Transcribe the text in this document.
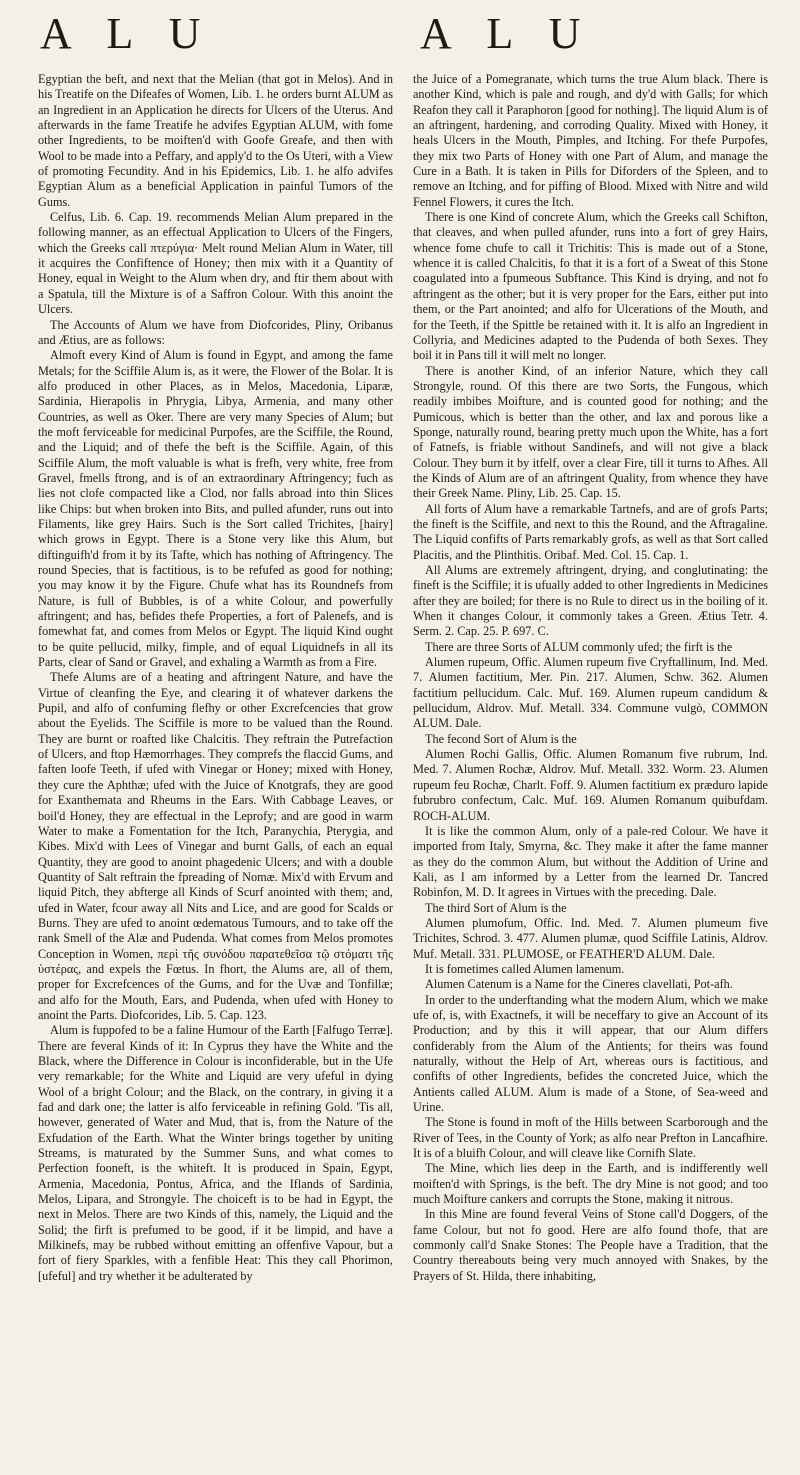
A L U	A L U

Egyptian the beft, and next that the Melian (that got in Melos). And in his Treatife on the Difeafes of Women, Lib. 1. he orders burnt ALUM as an Ingredient in an Application he directs for Ulcers of the Uterus. And afterwards in the fame Treatife he advifes Egyptian ALUM, with fome other Ingredients, to be moiften'd with Goofe Greafe, and then with Wool to be made into a Peffary, and apply'd to the Os Uteri, with a View of promoting Fecundity. And in his Epidemics, Lib. 1. he alfo advifes Egyptian Alum as a beneficial Application in painful Tumors of the Gums.

Celfus, Lib. 6. Cap. 19. recommends Melian Alum prepared in the following manner, as an effectual Application to Ulcers of the Fingers, which the Greeks call πτερύγια· Melt round Melian Alum in Water, till it acquires the Confiftence of Honey; then mix with it a Quantity of Honey, equal in Weight to the Alum when dry, and ftir them about with a Spatula, till the Mixture is of a Saffron Colour. With this anoint the Ulcers.

The Accounts of Alum we have from Diofcorides, Pliny, Oribanus and Ætius, are as follows:

Almoft every Kind of Alum is found in Egypt, and among the fame Metals; for the Sciffile Alum is, as it were, the Flower of the Bolar. It is alfo produced in other Places, as in Melos, Macedonia, Liparæ, Sardinia, Hierapolis in Phrygia, Libya, Armenia, and many other Countries, as well as Oker. There are very many Species of Alum; but the moft ferviceable for medicinal Purpofes, are the Sciffile, the Round, and the Liquid; and of thefe the beft is the Sciffile. Again, of this Sciffile Alum, the moft valuable is what is frefh, very white, free from Gravel, fmells ftrong, and is of an extraordinary Aftringency; fuch as lies not clofe compacted like a Clod, nor falls abroad into thin Slices like Chips: but when broken into Bits, and pulled afunder, runs out into Filaments, like grey Hairs. Such is the Sort called Trichites, [hairy] which grows in Egypt. There is a Stone very like this Alum, but diftinguifh'd from it by its Tafte, which has nothing of Aftringency. The round Species, that is factitious, is to be refufed as good for nothing; you may know it by the Figure. Chufe what has its Roundnefs from Nature, is full of Bubbles, is of a white Colour, and powerfully aftringent; and has, befides thefe Properties, a fort of Palenefs, and is fomewhat fat, and comes from Melos or Egypt. The liquid Kind ought to be quite pellucid, milky, fimple, and of equal Liquidnefs in all its Parts, clear of Sand or Gravel, and exhaling a Warmth as from a Fire.

Thefe Alums are of a heating and aftringent Nature, and have the Virtue of cleanfing the Eye, and clearing it of whatever darkens the Pupil, and alfo of confuming flefhy or other Excrefcencies that grow about the Eyelids. The Sciffile is more to be valued than the Round. They are burnt or roafted like Chalcitis. They reftrain the Putrefaction of Ulcers, and ftop Hæmorrhages. They comprefs the flaccid Gums, and faften loofe Teeth, if ufed with Vinegar or Honey; mixed with Honey, they cure the Aphthæ; ufed with the Juice of Knotgrafs, they are good for Exanthemata and Rheums in the Ears. With Cabbage Leaves, or boil'd Honey, they are effectual in the Leprofy; and are good in warm Water to make a Fomentation for the Itch, Paranychia, Pterygia, and Kibes. Mix'd with Lees of Vinegar and burnt Galls, of each an equal Quantity, they are good to anoint phagedenic Ulcers; and with a double Quantity of Salt reftrain the fpreading of Nomæ. Mix'd with Ervum and liquid Pitch, they abfterge all Kinds of Scurf anointed with them; and, ufed in Water, fcour away all Nits and Lice, and are good for Scalds or Burns. They are ufed to anoint œdematous Tumours, and to take off the rank Smell of the Alæ and Pudenda. What comes from Melos promotes Conception in Women, περὶ τῆς συνόδου παρατεθεῖσα τῷ στόματι τῆς ὑστέρας, and expels the Fœtus. In fhort, the Alums are, all of them, proper for Excrefcences of the Gums, and for the Uvæ and Tonfillæ; and alfo for the Mouth, Ears, and Pudenda, when ufed with Honey to anoint the Parts. Diofcorides, Lib. 5. Cap. 123.

Alum is fuppofed to be a faline Humour of the Earth [Falfugo Terræ]. There are feveral Kinds of it: In Cyprus they have the White and the Black, where the Difference in Colour is inconfiderable, but in the Ufe very remarkable; for the White and Liquid are very ufeful in dying Wool of a bright Colour; and the Black, on the contrary, in giving it a fad and dark one; the latter is alfo ferviceable in refining Gold. 'Tis all, however, generated of Water and Mud, that is, from the Nature of the Exfudation of the Earth. What the Winter brings together by uniting Streams, is maturated by the Summer Suns, and what comes to Perfection fooneft, is the whiteft. It is produced in Spain, Egypt, Armenia, Macedonia, Pontus, Africa, and the Iflands of Sardinia, Melos, Lipara, and Strongyle. The choiceft is to be had in Egypt, the next in Melos. There are two Kinds of this, namely, the Liquid and the Solid; the firft is prefumed to be good, if it be limpid, and have a Milkinefs, may be rubbed without emitting an offenfive Vapour, but a fort of fiery Sparkles, with a fenfible Heat: This they call Phorimon, [ufeful] and try whether it be adulterated by

the Juice of a Pomegranate, which turns the true Alum black. There is another Kind, which is pale and rough, and dy'd with Galls; for which Reafon they call it Paraphoron [good for nothing]. The liquid Alum is of an aftringent, hardening, and corroding Quality. Mixed with Honey, it heals Ulcers in the Mouth, Pimples, and Itching. For thefe Purpofes, they mix two Parts of Honey with one Part of Alum, and manage the Cure in a Bath. It is taken in Pills for Diforders of the Spleen, and to remove an Itching, and for piffing of Blood. Mixed with Nitre and wild Fennel Flowers, it cures the Itch.

There is one Kind of concrete Alum, which the Greeks call Schifton, that cleaves, and when pulled afunder, runs into a fort of grey Hairs, whence fome chufe to call it Trichitis: This is made out of a Stone, whence it is called Chalcitis, fo that it is a fort of a Sweat of this Stone coagulated into a fpumeous Subftance. This Kind is drying, and not fo aftringent as the other; but it is very proper for the Ears, either put into them, or the Part anointed; and alfo for Ulcerations of the Mouth, and for the Teeth, if the Spittle be retained with it. It is alfo an Ingredient in Collyria, and Medicines adapted to the Pudenda of both Sexes. They boil it in Pans till it will melt no longer.

There is another Kind, of an inferior Nature, which they call Strongyle, round. Of this there are two Sorts, the Fungous, which readily imbibes Moifture, and is counted good for nothing; and the Pumicous, which is better than the other, and lax and porous like a Sponge, naturally round, bearing pretty much upon the White, has a fort of Fatnefs, is friable without Sandinefs, and will not give a black Colour. They burn it by itfelf, over a clear Fire, till it turns to Afhes. All the Kinds of Alum are of an aftringent Quality, from whence they have their Greek Name. Pliny, Lib. 25. Cap. 15.

All forts of Alum have a remarkable Tartnefs, and are of grofs Parts; the fineft is the Sciffile, and next to this the Round, and the Aftragaline. The Liquid confifts of Parts remarkably grofs, as well as that Sort called Placitis, and the Plinthitis. Oribaf. Med. Col. 15. Cap. 1.

All Alums are extremely aftringent, drying, and conglutinating: the fineft is the Sciffile; it is ufually added to other Ingredients in Medicines after they are boiled; for there is no Rule to direct us in the boiling of it. When it changes Colour, it commonly takes a Green. Ætius Tetr. 4. Serm. 2. Cap. 25. P. 697. C.

There are three Sorts of ALUM commonly ufed; the firft is the

Alumen rupeum, Offic. Alumen rupeum five Cryftallinum, Ind. Med. 7. Alumen factitium, Mer. Pin. 217. Alumen, Schw. 362. Alumen factitium pellucidum. Calc. Muf. 169. Alumen rupeum candidum & pellucidum, Aldrov. Muf. Metall. 334. Commune vulgò, COMMON ALUM. Dale.

The fecond Sort of Alum is the

Alumen Rochi Gallis, Offic. Alumen Romanum five rubrum, Ind. Med. 7. Alumen Rochæ, Aldrov. Muf. Metall. 332. Worm. 23. Alumen rupeum feu Rochæ, Charlt. Foff. 9. Alumen factitium ex præduro lapide fubrubro confectum, Calc. Muf. 169. Alumen Romanum quibufdam. ROCH-ALUM.

It is like the common Alum, only of a pale-red Colour. We have it imported from Italy, Smyrna, &c. They make it after the fame manner as they do the common Alum, but without the Addition of Urine and Kali, as I am informed by a Letter from the learned Dr. Tancred Robinfon, M. D. It agrees in Virtues with the preceding. Dale.

The third Sort of Alum is the

Alumen plumofum, Offic. Ind. Med. 7. Alumen plumeum five Trichites, Schrod. 3. 477. Alumen plumæ, quod Sciffile Latinis, Aldrov. Muf. Metall. 331. PLUMOSE, or FEATHER'D ALUM. Dale.

It is fometimes called Alumen lamenum.

Alumen Catenum is a Name for the Cineres clavellati, Pot-afh.

In order to the underftanding what the modern Alum, which we make ufe of, is, with Exactnefs, it will be neceffary to give an Account of its Production; and by this it will appear, that our Alum differs confiderably from the Alum of the Antients; for theirs was found naturally, without the Help of Art, whereas ours is factitious, and confifts of other Ingredients, befides the concreted Juice, which the Antients called ALUM. Alum is made of a Stone, of Sea-weed and Urine.

The Stone is found in moft of the Hills between Scarborough and the River of Tees, in the County of York; as alfo near Prefton in Lancafhire. It is of a bluifh Colour, and will cleave like Cornifh Slate.

The Mine, which lies deep in the Earth, and is indifferently well moiften'd with Springs, is the beft. The dry Mine is not good; and too much Moifture cankers and corrupts the Stone, making it nitrous.

In this Mine are found feveral Veins of Stone call'd Doggers, of the fame Colour, but not fo good. Here are alfo found thofe, that are commonly call'd Snake Stones: The People have a Tradition, that the Country thereabouts being very much annoyed with Snakes, by the Prayers of St. Hilda, there inhabiting,
